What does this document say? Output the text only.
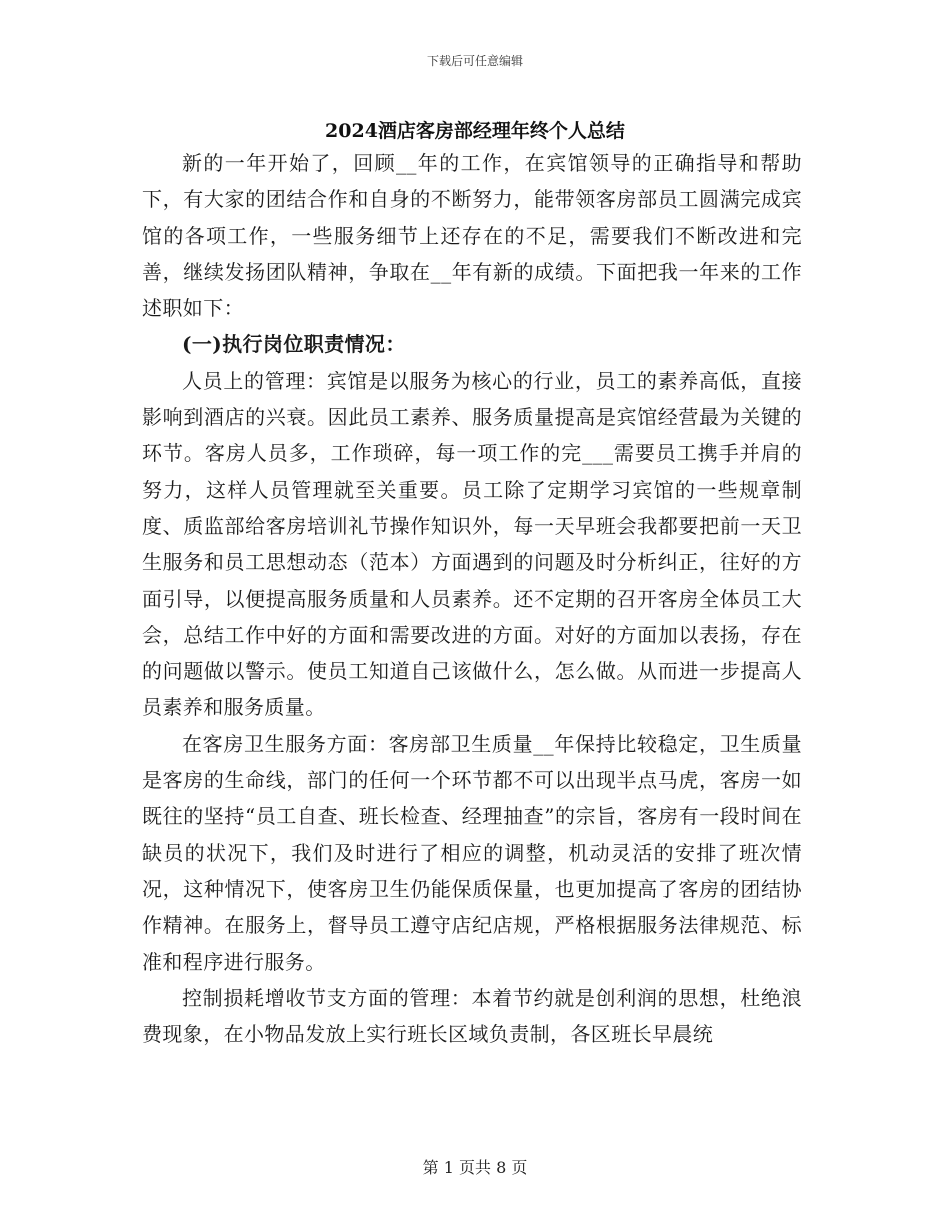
下载后可任意编辑
2024酒店客房部经理年终个人总结

新的一年开始了，回顾__年的工作，在宾馆领导的正确指导和帮助下，有大家的团结合作和自身的不断努力，能带领客房部员工圆满完成宾馆的各项工作，一些服务细节上还存在的不足，需要我们不断改进和完善，继续发扬团队精神，争取在__年有新的成绩。下面把我一年来的工作述职如下：

(一)执行岗位职责情况：

人员上的管理：宾馆是以服务为核心的行业，员工的素养高低，直接影响到酒店的兴衰。因此员工素养、服务质量提高是宾馆经营最为关键的环节。客房人员多，工作琐碎，每一项工作的完___需要员工携手并肩的努力，这样人员管理就至关重要。员工除了定期学习宾馆的一些规章制度、质监部给客房培训礼节操作知识外，每一天早班会我都要把前一天卫生服务和员工思想动态（范本）方面遇到的问题及时分析纠正，往好的方面引导，以便提高服务质量和人员素养。还不定期的召开客房全体员工大会，总结工作中好的方面和需要改进的方面。对好的方面加以表扬，存在的问题做以警示。使员工知道自己该做什么，怎么做。从而进一步提高人员素养和服务质量。

在客房卫生服务方面：客房部卫生质量__年保持比较稳定，卫生质量是客房的生命线，部门的任何一个环节都不可以出现半点马虎，客房一如既往的坚持“员工自查、班长检查、经理抽查”的宗旨，客房有一段时间在缺员的状况下，我们及时进行了相应的调整，机动灵活的安排了班次情况，这种情况下，使客房卫生仍能保质保量，也更加提高了客房的团结协作精神。在服务上，督导员工遵守店纪店规，严格根据服务法律规范、标准和程序进行服务。

控制损耗增收节支方面的管理：本着节约就是创利润的思想，杜绝浪费现象，在小物品发放上实行班长区域负责制，各区班长早晨统

第 1 页共 8 页
